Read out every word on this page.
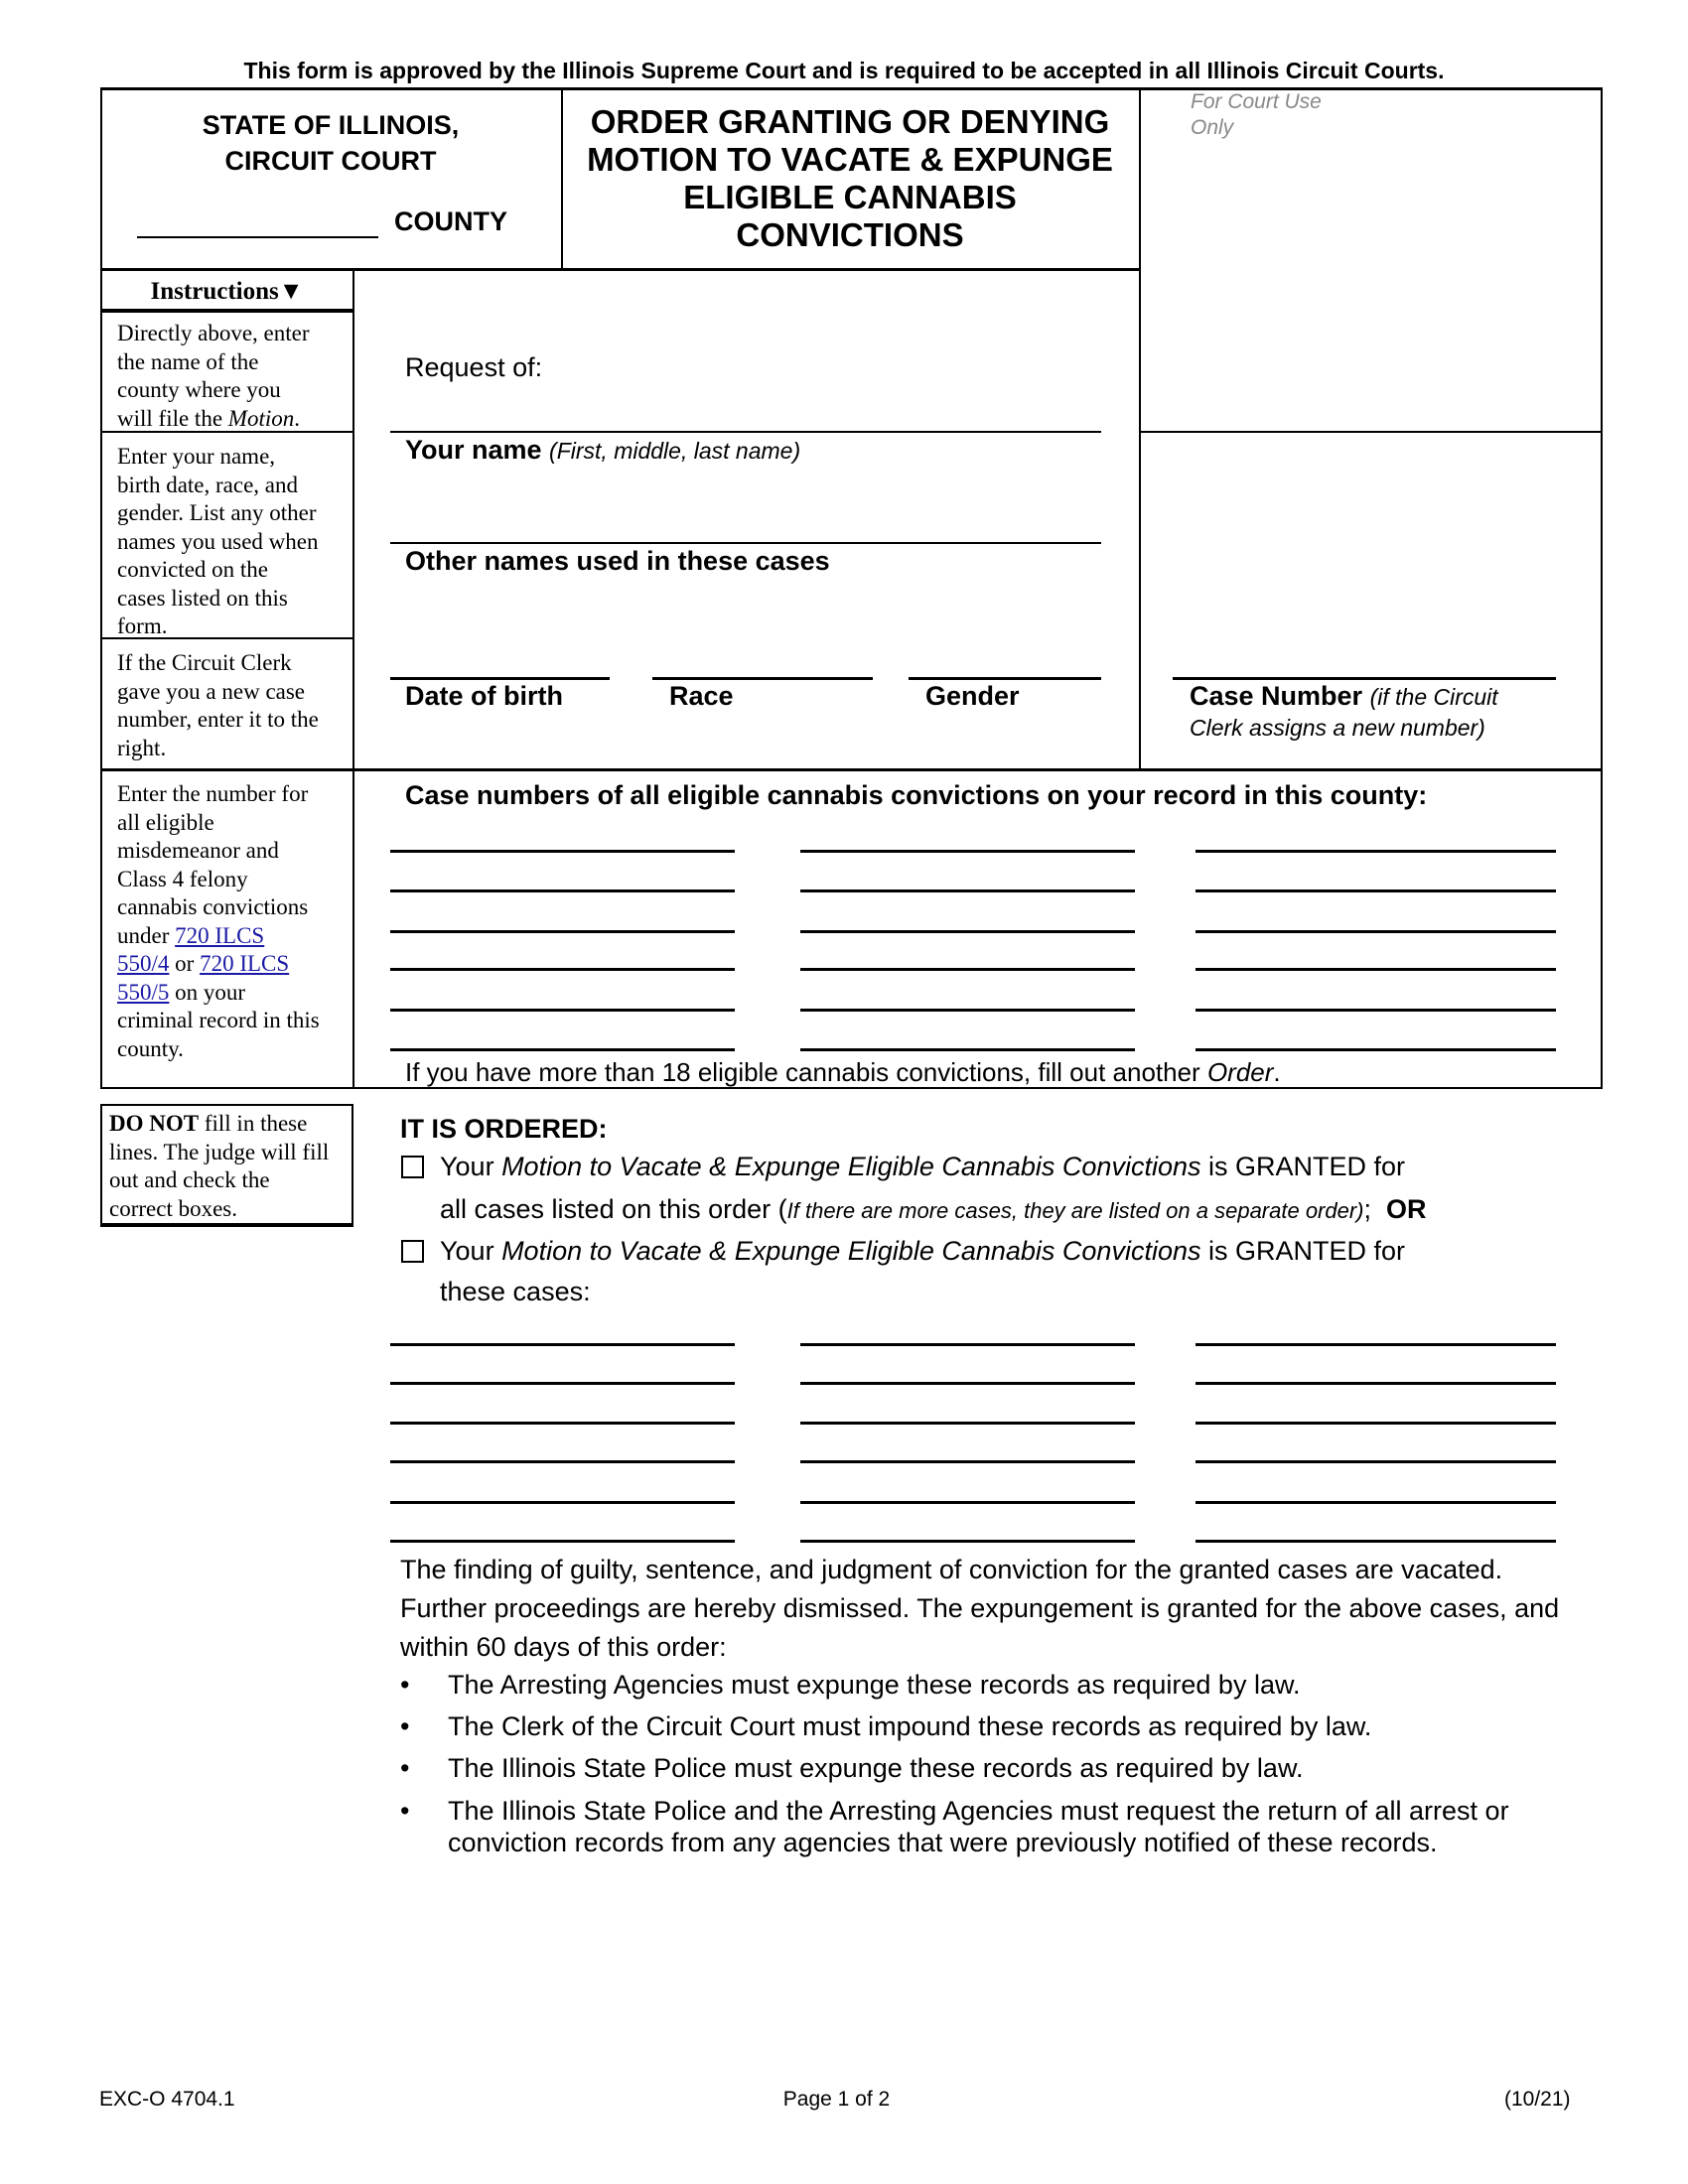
This form is approved by the Illinois Supreme Court and is required to be accepted in all Illinois Circuit Courts.
STATE OF ILLINOIS,
CIRCUIT COURT
COUNTY
ORDER GRANTING OR DENYING
MOTION TO VACATE & EXPUNGE
ELIGIBLE CANNABIS
CONVICTIONS
For Court Use
Only
Instructions▼
Directly above, enter
the name of the
county where you
will file the Motion.
Enter your name,
birth date, race, and
gender. List any other
names you used when
convicted on the
cases listed on this
form.
If the Circuit Clerk
gave you a new case
number, enter it to the
right.
Enter the number for
all eligible
misdemeanor and
Class 4 felony
cannabis convictions
under 720 ILCS
550/4 or 720 ILCS
550/5 on your
criminal record in this
county.
Request of:
Your name (First, middle, last name)
Other names used in these cases
Date of birth	Race	Gender	Case Number (if the Circuit
Clerk assigns a new number)
Case numbers of all eligible cannabis convictions on your record in this county:
If you have more than 18 eligible cannabis convictions, fill out another Order.
DO NOT fill in these
lines. The judge will fill
out and check the
correct boxes.
IT IS ORDERED:
Your Motion to Vacate & Expunge Eligible Cannabis Convictions is GRANTED for
all cases listed on this order (If there are more cases, they are listed on a separate order); OR
Your Motion to Vacate & Expunge Eligible Cannabis Convictions is GRANTED for
these cases:
The finding of guilty, sentence, and judgment of conviction for the granted cases are vacated.
Further proceedings are hereby dismissed. The expungement is granted for the above cases, and
within 60 days of this order:
• The Arresting Agencies must expunge these records as required by law.
• The Clerk of the Circuit Court must impound these records as required by law.
• The Illinois State Police must expunge these records as required by law.
• The Illinois State Police and the Arresting Agencies must request the return of all arrest or
conviction records from any agencies that were previously notified of these records.
EXC-O 4704.1	Page 1 of 2	(10/21)
